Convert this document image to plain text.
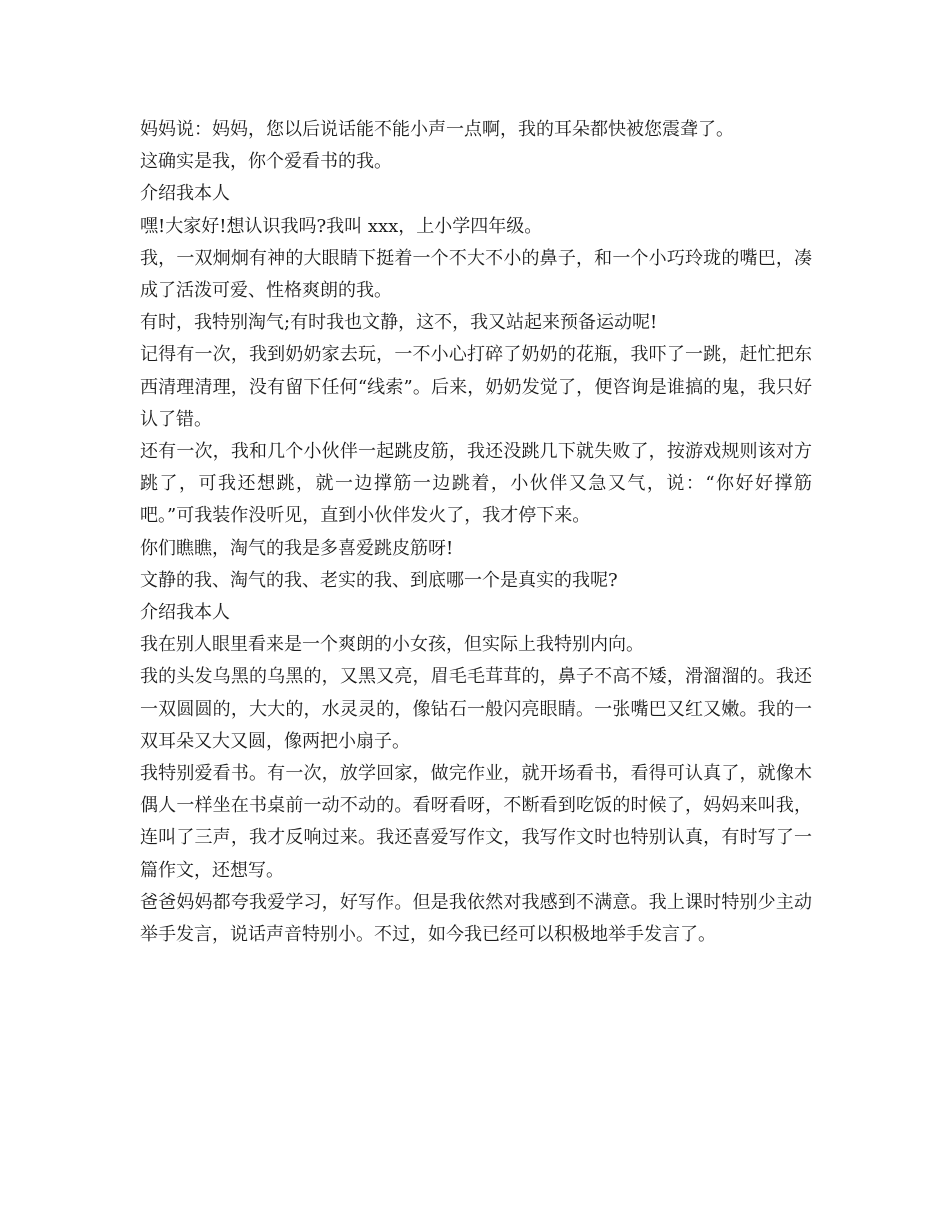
妈妈说：妈妈，您以后说话能不能小声一点啊，我的耳朵都快被您震聋了。

这确实是我，你个爱看书的我。

介绍我本人

嘿!大家好!想认识我吗?我叫 xxx，上小学四年级。

我，一双炯炯有神的大眼睛下挺着一个不大不小的鼻子，和一个小巧玲珑的嘴巴，凑成了活泼可爱、性格爽朗的我。

有时，我特别淘气;有时我也文静，这不，我又站起来预备运动呢!

记得有一次，我到奶奶家去玩，一不小心打碎了奶奶的花瓶，我吓了一跳，赶忙把东西清理清理，没有留下任何“线索”。后来，奶奶发觉了，便咨询是谁搞的鬼，我只好认了错。

还有一次，我和几个小伙伴一起跳皮筋，我还没跳几下就失败了，按游戏规则该对方跳了，可我还想跳，就一边撑筋一边跳着，小伙伴又急又气，说：“你好好撑筋吧。”可我装作没听见，直到小伙伴发火了，我才停下来。

你们瞧瞧，淘气的我是多喜爱跳皮筋呀!

文静的我、淘气的我、老实的我、到底哪一个是真实的我呢?

介绍我本人

我在别人眼里看来是一个爽朗的小女孩，但实际上我特别内向。

我的头发乌黑的乌黑的，又黑又亮，眉毛毛茸茸的，鼻子不高不矮，滑溜溜的。我还一双圆圆的，大大的，水灵灵的，像钻石一般闪亮眼睛。一张嘴巴又红又嫩。我的一双耳朵又大又圆，像两把小扇子。

我特别爱看书。有一次，放学回家，做完作业，就开场看书，看得可认真了，就像木偶人一样坐在书桌前一动不动的。看呀看呀，不断看到吃饭的时候了，妈妈来叫我，连叫了三声，我才反响过来。我还喜爱写作文，我写作文时也特别认真，有时写了一篇作文，还想写。

爸爸妈妈都夸我爱学习，好写作。但是我依然对我感到不满意。我上课时特别少主动举手发言，说话声音特别小。不过，如今我已经可以积极地举手发言了。
